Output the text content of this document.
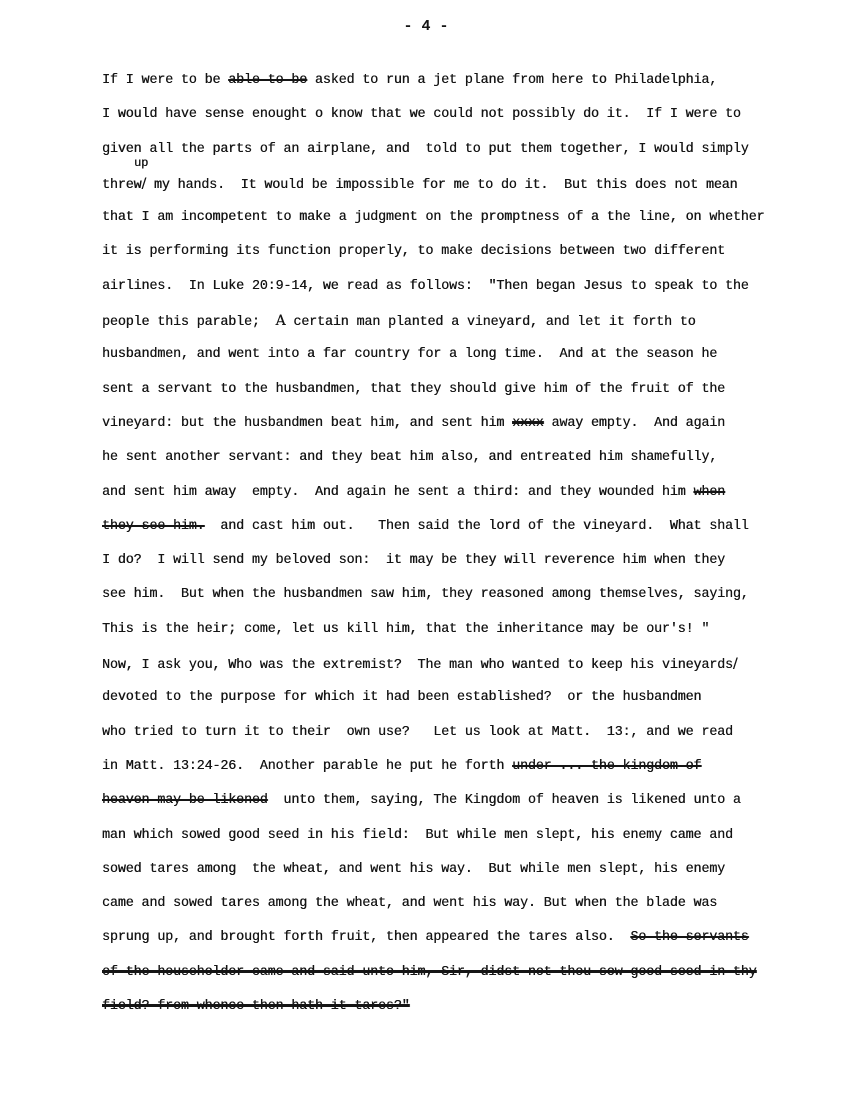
- 4 -
If I were to be able to be asked to run a jet plane from here to Philadelphia,
I would have sense enought o know that we could not possibly do it.  If I were to
given all the parts of an airplane, and  told to put them together, I would simply
up
threw/ my hands.  It would be impossible for me to do it.  But this does not mean
that I am incompetent to make a judgment on the promptness of a the line, on whether
it is performing its function properly, to make decisions between two different
airlines.  In Luke 20:9-14, we read as follows:  "Then began Jesus to speak to the
people this parable;  A certain man planted a vineyard, and let it forth to
husbandmen, and went into a far country for a long time.  And at the season he
sent a servant to the husbandmen, that they should give him of the fruit of the
vineyard: but the husbandmen beat him, and sent him xxxx away empty.  And again
he sent another servant: and they beat him also, and entreated him shamefully,
and sent him away  empty.  And again he sent a third: and they wounded him when
they see him.  and cast him out.   Then said the lord of the vineyard.  What shall
I do?  I will send my beloved son:  it may be they will reverence him when they
see him.  But when the husbandmen saw him, they reasoned among themselves, saying,
This is the heir; come, let us kill him, that the inheritance may be our's! "
Now, I ask you, Who was the extremist?  The man who wanted to keep his vineyards/
devoted to the purpose for which it had been established?  or the husbandmen
who tried to turn it to their  own use?   Let us look at Matt.  13:, and we read
in Matt. 13:24-26.  Another parable he put he forth under ... the kingdom of
heaven may be likened  unto them, saying, The Kingdom of heaven is likened unto a
man which sowed good seed in his field:  But while men slept, his enemy came and
sowed tares among  the wheat, and went his way.  But while men slept, his enemy
came and sowed tares among the wheat, and went his way. But when the blade was
sprung up, and brought forth fruit, then appeared the tares also.  So the servants
of the householder came and said unto him, Sir, didst not thou sow good seed in thy
field? from whence then hath it tares?"
